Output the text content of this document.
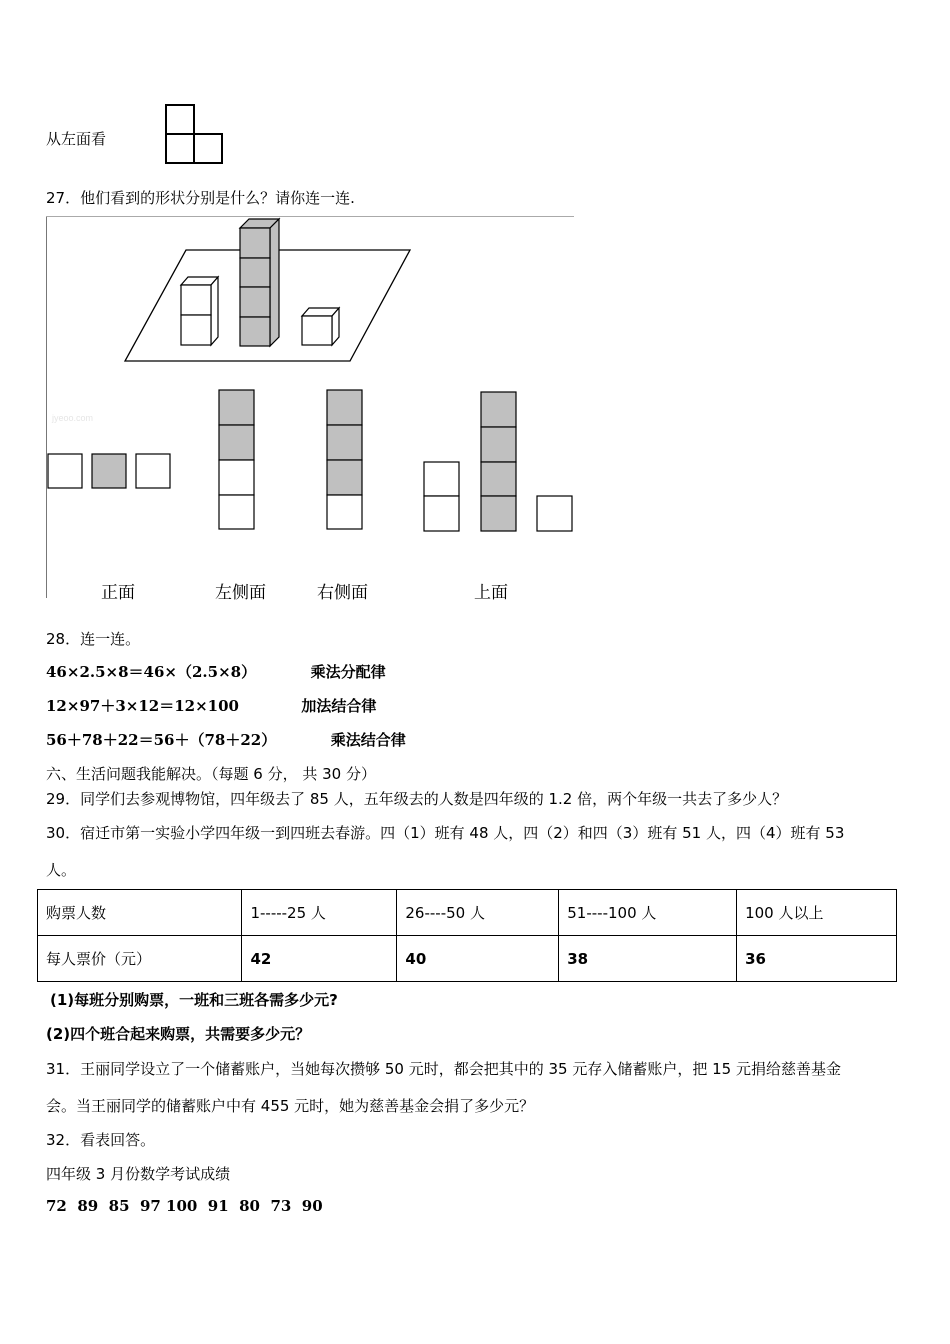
从左面看
27．他们看到的形状分别是什么？请你连一连.
jyeoo.com
正面	左侧面	右侧面	上面
28．连一连。
46×2.5×8＝46×（2.5×8）	乘法分配律
12×97＋3×12＝12×100	加法结合律
56＋78＋22＝56＋（78＋22）	乘法结合律
六、生活问题我能解决。（每题 6 分， 共 30 分）
29．同学们去参观博物馆，四年级去了 85 人，五年级去的人数是四年级的 1.2 倍，两个年级一共去了多少人？
30．宿迁市第一实验小学四年级一到四班去春游。四（1）班有 48 人，四（2）和四（3）班有 51 人，四（4）班有 53
人。
购票人数	1-----25 人	26----50 人	51----100 人	100 人以上
每人票价（元）	42	40	38	36
(1)每班分别购票，一班和三班各需多少元?
(2)四个班合起来购票，共需要多少元？
31．王丽同学设立了一个储蓄账户，当她每次攒够 50 元时，都会把其中的 35 元存入储蓄账户，把 15 元捐给慈善基金
会。当王丽同学的储蓄账户中有 455 元时，她为慈善基金会捐了多少元？
32．看表回答。
四年级 3 月份数学考试成绩
72  89  85  97 100  91  80  73  90
